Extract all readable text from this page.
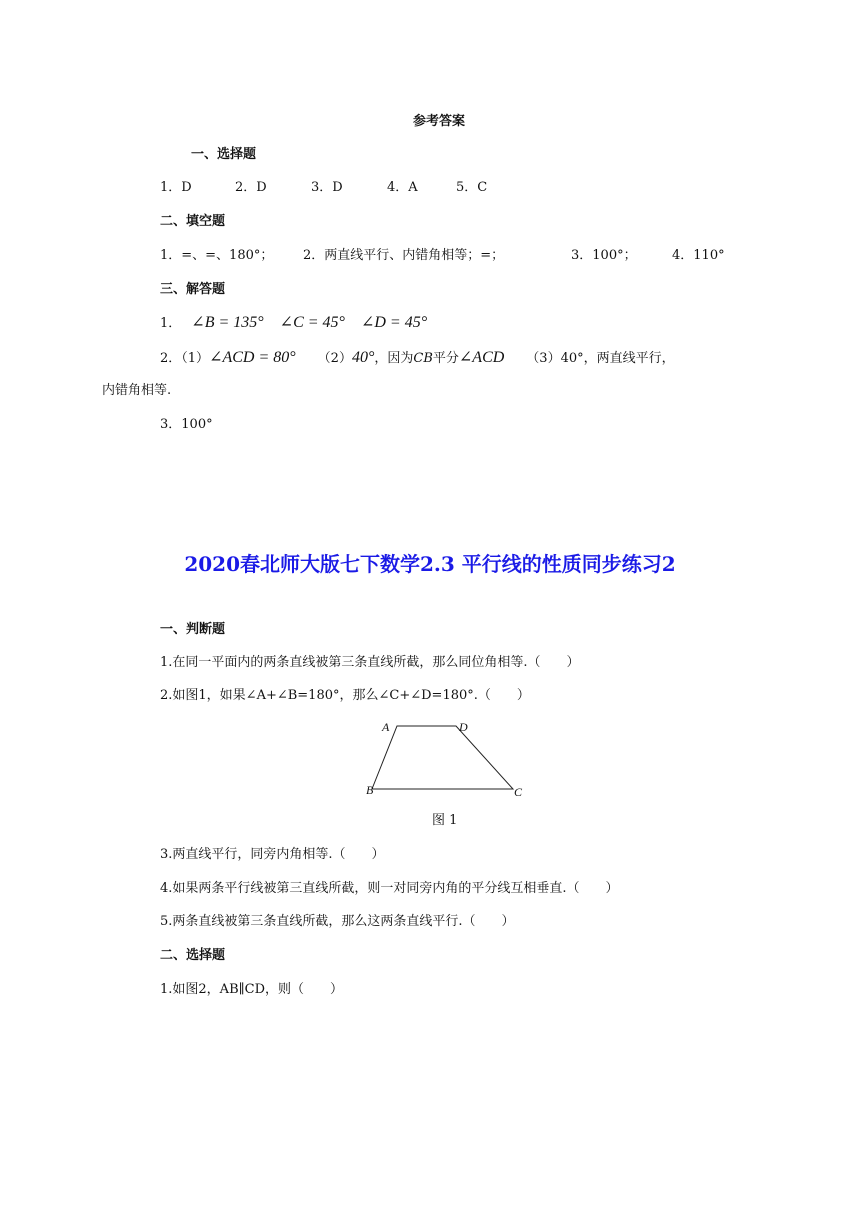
参考答案
一、选择题
1．D	2．D	3．D	4．A	5．C
二、填空题
1．=、=、180°； 2．两直线平行、内错角相等；=；	3．100°；	4．110°
三、解答题
1． ∠B = 135° ∠C = 45° ∠D = 45°
2．（1）∠ACD = 80° （2）40°，因为CB平分∠ACD （3）40°，两直线平行，
内错角相等.
3．100°
2020春北师大版七下数学2.3 平行线的性质同步练习2
一、判断题
1.在同一平面内的两条直线被第三条直线所截，那么同位角相等.（　　）
2.如图1，如果∠A+∠B=180°，那么∠C+∠D=180°.（　　）
A	D
B	C
图 1
3.两直线平行，同旁内角相等.（　　）
4.如果两条平行线被第三直线所截，则一对同旁内角的平分线互相垂直.（　　）
5.两条直线被第三条直线所截，那么这两条直线平行.（　　）
二、选择题
1.如图2，AB∥CD，则（　　）
